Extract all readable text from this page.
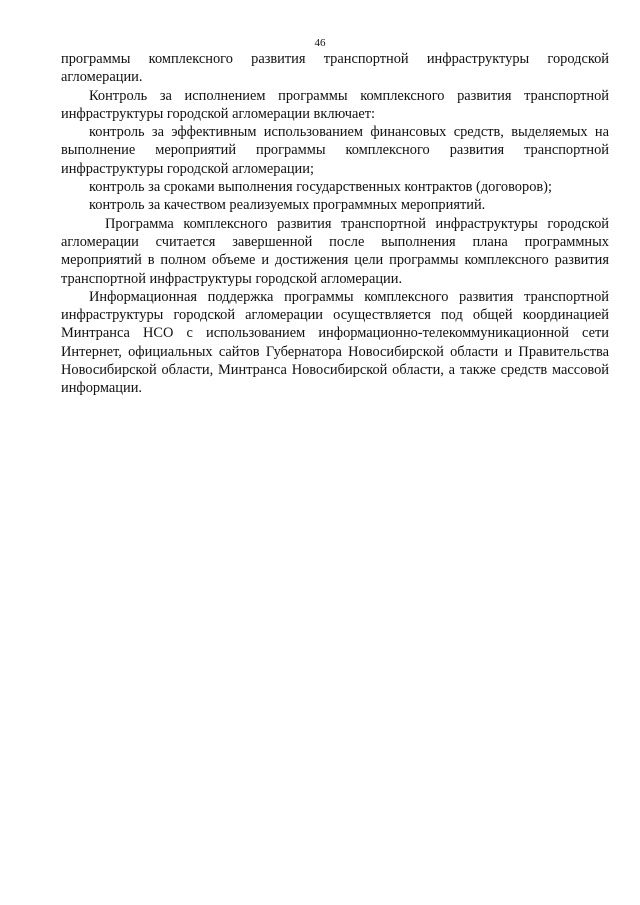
46

программы комплексного развития транспортной инфраструктуры городской агломерации.

Контроль за исполнением программы комплексного развития транспортной инфраструктуры городской агломерации включает:

контроль за эффективным использованием финансовых средств, выделяемых на выполнение мероприятий программы комплексного развития транспортной инфраструктуры городской агломерации;

контроль за сроками выполнения государственных контрактов (договоров);

контроль за качеством реализуемых программных мероприятий.

Программа комплексного развития транспортной инфраструктуры городской агломерации считается завершенной после выполнения плана программных мероприятий в полном объеме и достижения цели программы комплексного развития транспортной инфраструктуры городской агломерации.

Информационная поддержка программы комплексного развития транспортной инфраструктуры городской агломерации осуществляется под общей координацией Минтранса НСО с использованием информационно-телекоммуникационной сети Интернет, официальных сайтов Губернатора Новосибирской области и Правительства Новосибирской области, Минтранса Новосибирской области, а также средств массовой информации.
